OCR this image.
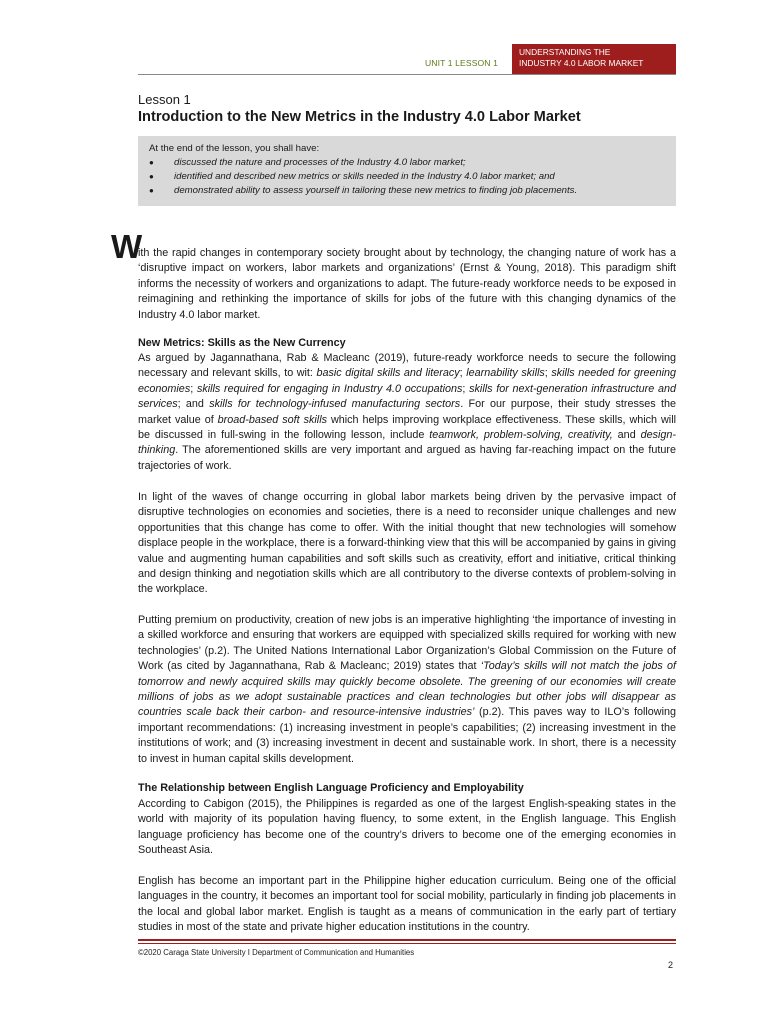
UNIT 1 LESSON 1
UNDERSTANDING THE
INDUSTRY 4.0 LABOR MARKET
Lesson 1
Introduction to the New Metrics in the Industry 4.0 Labor Market
At the end of the lesson, you shall have:
● discussed the nature and processes of the Industry 4.0 labor market;
● identified and described new metrics or skills needed in the Industry 4.0 labor market; and
● demonstrated ability to assess yourself in tailoring these new metrics to finding job placements.
W
ith the rapid changes in contemporary society brought about by technology, the changing nature of work has a ‘disruptive impact on workers, labor markets and organizations’ (Ernst & Young, 2018). This paradigm shift informs the necessity of workers and organizations to adapt. The future-ready workforce needs to be exposed in reimagining and rethinking the importance of skills for jobs of the future with this changing dynamics of the Industry 4.0 labor market.
New Metrics: Skills as the New Currency
As argued by Jagannathana, Rab & Macleanc (2019), future-ready workforce needs to secure the following necessary and relevant skills, to wit: basic digital skills and literacy; learnability skills; skills needed for greening economies; skills required for engaging in Industry 4.0 occupations; skills for next-generation infrastructure and services; and skills for technology-infused manufacturing sectors. For our purpose, their study stresses the market value of broad-based soft skills which helps improving workplace effectiveness. These skills, which will be discussed in full-swing in the following lesson, include teamwork, problem-solving, creativity, and design-thinking. The aforementioned skills are very important and argued as having far-reaching impact on the future trajectories of work.
In light of the waves of change occurring in global labor markets being driven by the pervasive impact of disruptive technologies on economies and societies, there is a need to reconsider unique challenges and new opportunities that this change has come to offer. With the initial thought that new technologies will somehow displace people in the workplace, there is a forward-thinking view that this will be accompanied by gains in giving value and augmenting human capabilities and soft skills such as creativity, effort and initiative, critical thinking and design thinking and negotiation skills which are all contributory to the diverse contexts of problem-solving in the workplace.
Putting premium on productivity, creation of new jobs is an imperative highlighting ‘the importance of investing in a skilled workforce and ensuring that workers are equipped with specialized skills required for working with new technologies’ (p.2). The United Nations International Labor Organization’s Global Commission on the Future of Work (as cited by Jagannathana, Rab & Macleanc; 2019) states that ‘Today’s skills will not match the jobs of tomorrow and newly acquired skills may quickly become obsolete. The greening of our economies will create millions of jobs as we adopt sustainable practices and clean technologies but other jobs will disappear as countries scale back their carbon- and resource-intensive industries’ (p.2). This paves way to ILO’s following important recommendations: (1) increasing investment in people’s capabilities; (2) increasing investment in the institutions of work; and (3) increasing investment in decent and sustainable work. In short, there is a necessity to invest in human capital skills development.
The Relationship between English Language Proficiency and Employability
According to Cabigon (2015), the Philippines is regarded as one of the largest English-speaking states in the world with majority of its population having fluency, to some extent, in the English language. This English language proficiency has become one of the country’s drivers to become one of the emerging economies in Southeast Asia.
English has become an important part in the Philippine higher education curriculum. Being one of the official languages in the country, it becomes an important tool for social mobility, particularly in finding job placements in the local and global labor market. English is taught as a means of communication in the early part of tertiary studies in most of the state and private higher education institutions in the country.
©2020 Caraga State University I Department of Communication and Humanities
2
